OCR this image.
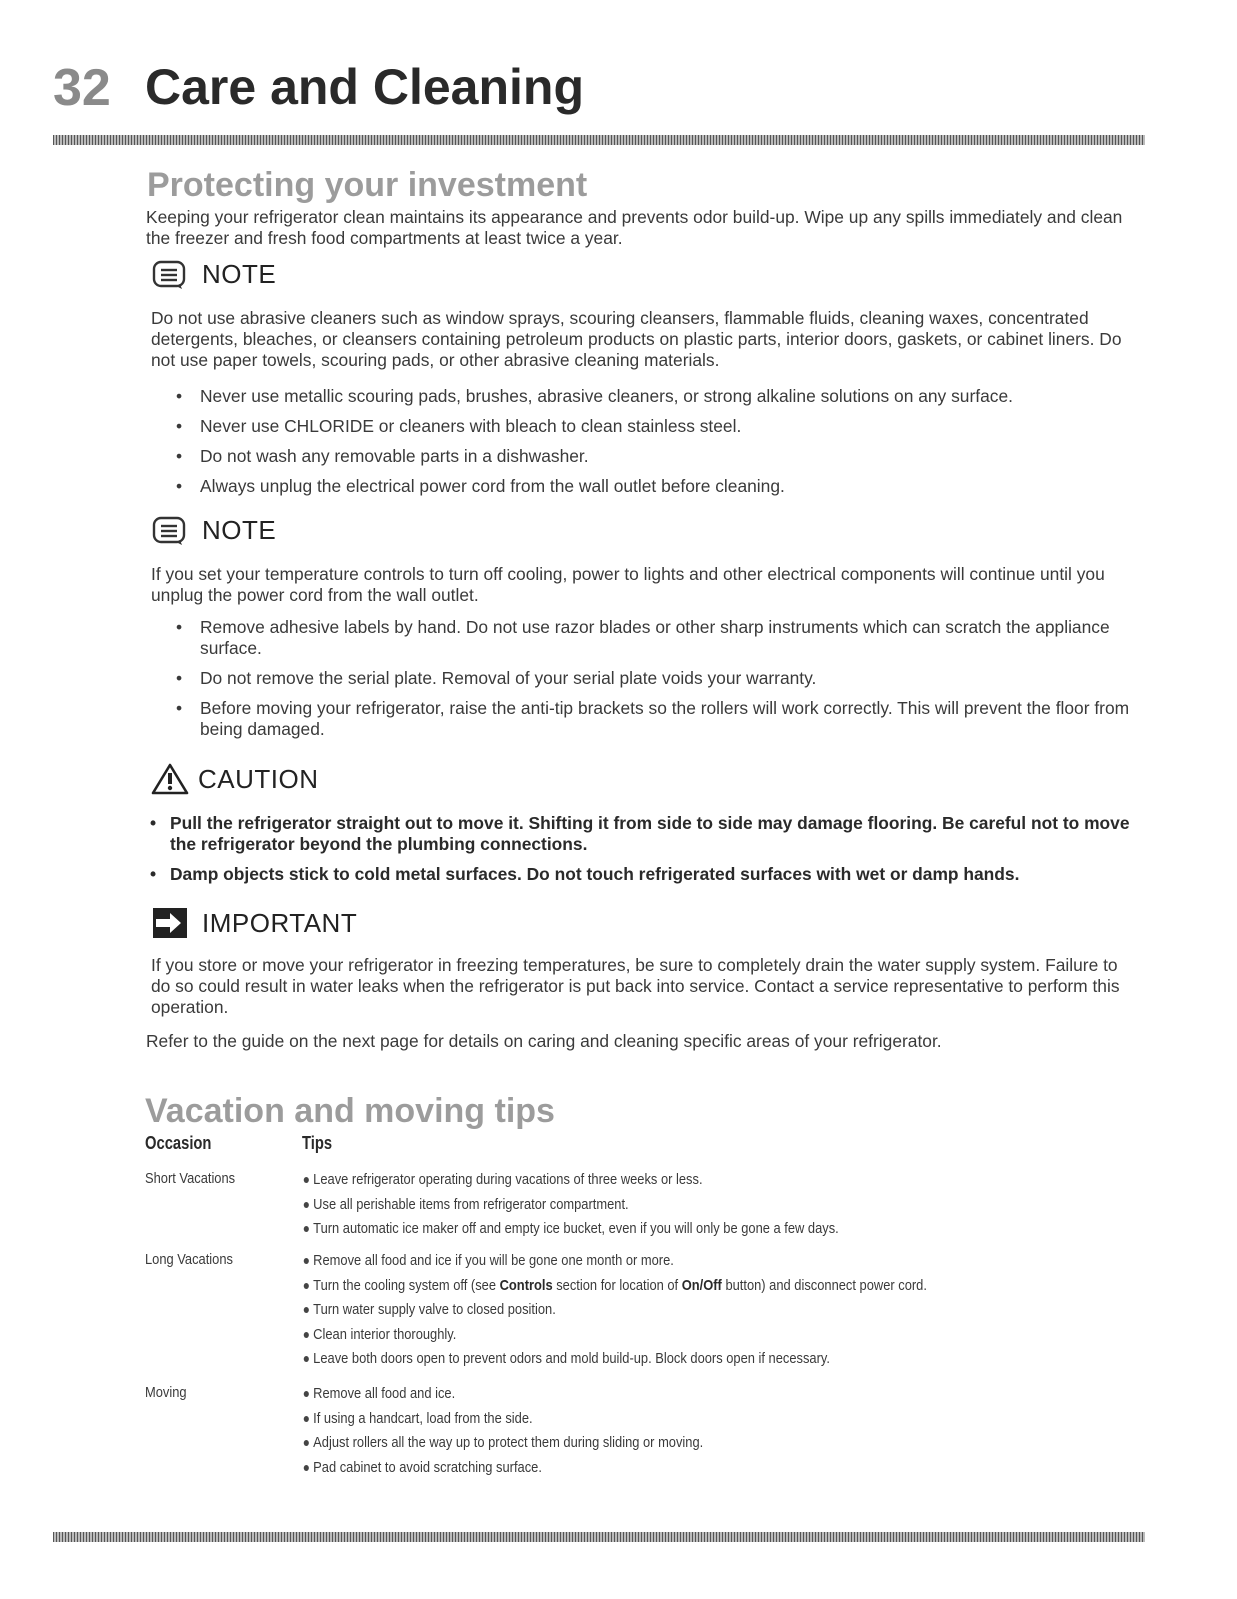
32 Care and Cleaning
Protecting your investment

Keeping your refrigerator clean maintains its appearance and prevents odor build-up. Wipe up any spills immediately and clean the freezer and fresh food compartments at least twice a year.

NOTE

Do not use abrasive cleaners such as window sprays, scouring cleansers, flammable fluids, cleaning waxes, concentrated detergents, bleaches, or cleansers containing petroleum products on plastic parts, interior doors, gaskets, or cabinet liners. Do not use paper towels, scouring pads, or other abrasive cleaning materials.

• Never use metallic scouring pads, brushes, abrasive cleaners, or strong alkaline solutions on any surface.
• Never use CHLORIDE or cleaners with bleach to clean stainless steel.
• Do not wash any removable parts in a dishwasher.
• Always unplug the electrical power cord from the wall outlet before cleaning.
NOTE

If you set your temperature controls to turn off cooling, power to lights and other electrical components will continue until you unplug the power cord from the wall outlet.

• Remove adhesive labels by hand. Do not use razor blades or other sharp instruments which can scratch the appliance surface.
• Do not remove the serial plate. Removal of your serial plate voids your warranty.
• Before moving your refrigerator, raise the anti-tip brackets so the rollers will work correctly. This will prevent the floor from being damaged.
CAUTION
• Pull the refrigerator straight out to move it. Shifting it from side to side may damage flooring. Be careful not to move the refrigerator beyond the plumbing connections.
• Damp objects stick to cold metal surfaces. Do not touch refrigerated surfaces with wet or damp hands.
IMPORTANT

If you store or move your refrigerator in freezing temperatures, be sure to completely drain the water supply system. Failure to do so could result in water leaks when the refrigerator is put back into service. Contact a service representative to perform this operation.

Refer to the guide on the next page for details on caring and cleaning specific areas of your refrigerator.

Vacation and moving tips
Occasion	Tips
Short Vacations	Leave refrigerator operating during vacations of three weeks or less.
Use all perishable items from refrigerator compartment.
Turn automatic ice maker off and empty ice bucket, even if you will only be gone a few days.
Long Vacations	Remove all food and ice if you will be gone one month or more.
Turn the cooling system off (see Controls section for location of On/Off button) and disconnect power cord.
Turn water supply valve to closed position.
Clean interior thoroughly.
Leave both doors open to prevent odors and mold build-up. Block doors open if necessary.
Moving	Remove all food and ice.
If using a handcart, load from the side.
Adjust rollers all the way up to protect them during sliding or moving.
Pad cabinet to avoid scratching surface.
